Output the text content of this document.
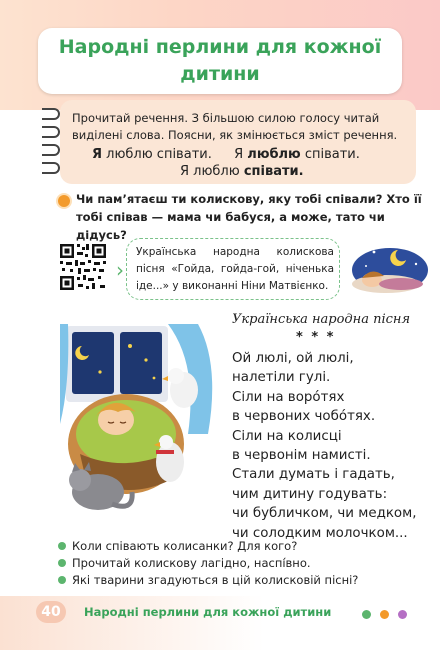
Народні перлини для кожної дитини

Прочитай речення. З більшою силою голосу читай

виділені слова. Поясни, як змінюється зміст речення.

Я люблю співати. Я люблю співати.
Я люблю співати.
Чи пам’ятаєш ти колискову, яку тобі співали? Хто її тобі співав — мама чи бабуся, а може, тато чи дідусь?
›
Українська народна колискова пісня «Гойда, гойда-гой, ніченька іде...» у виконанні Ніни Матвієнко.
Українська народна пісня
* * *
Ой люлі, ой люлі,
налетіли гулі.
Сіли на воро́тях
в червоних чобо́тях.
Сіли на колисці
в червонім намисті.
Стали думать і гадать,
чим дитину годувать:
чи бубличком, чи медком,
чи солодким молочком...
Коли співають колисанки? Для кого?
Прочитай колискову лагідно, наспі́вно.
Які тварини згадуються в цій колисковій пісні?
40	Народні перлини для кожної дитини
